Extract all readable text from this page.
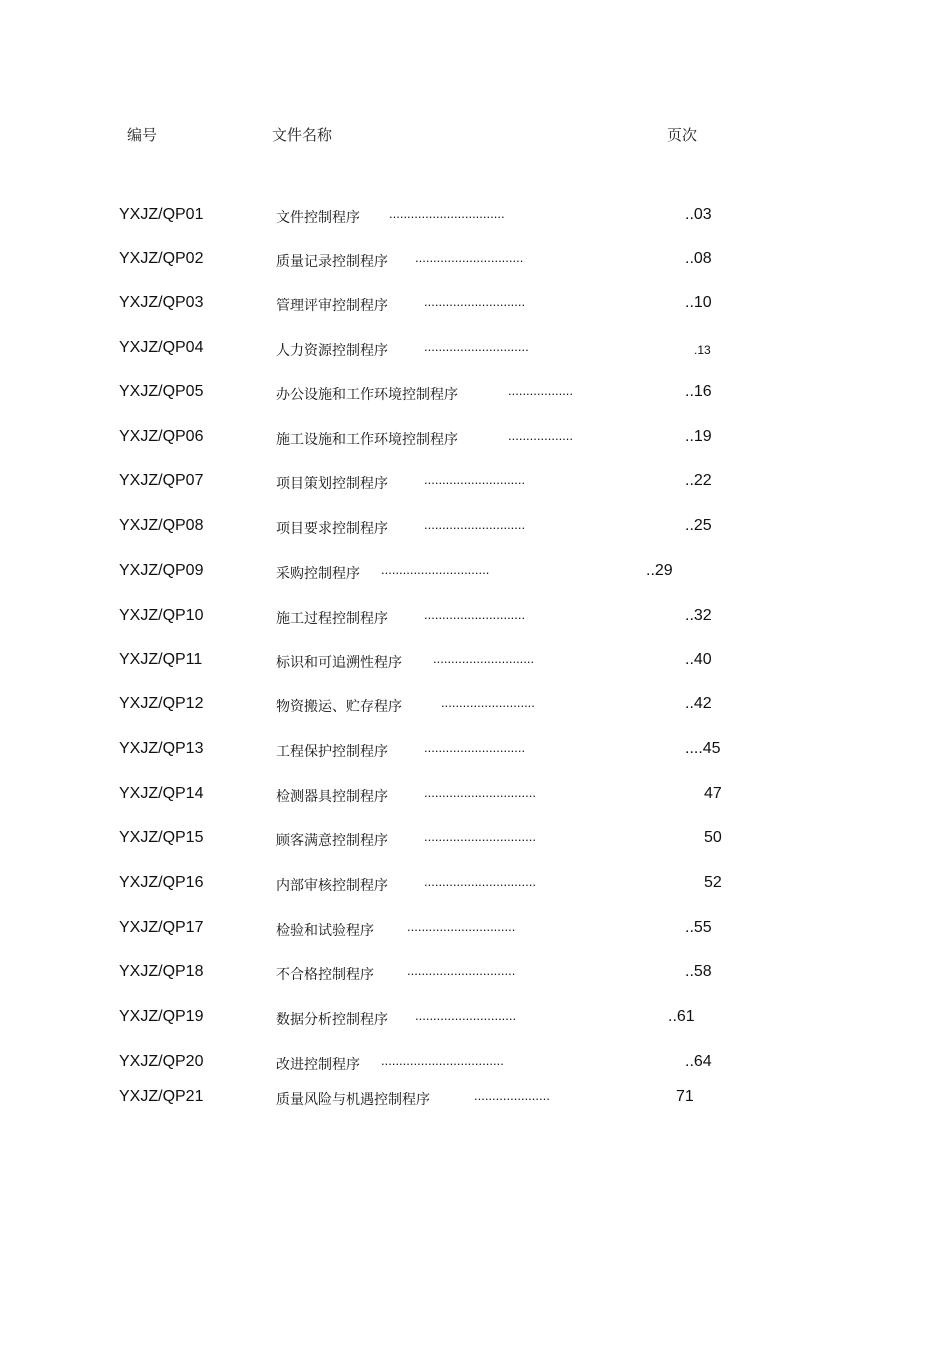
编号	文件名称	页次
YXJZ/QP01	文件控制程序 ................................	..03
YXJZ/QP02	质量记录控制程序 ..............................	..08
YXJZ/QP03	管理评审控制程序	............................	..10
YXJZ/QP04	人力资源控制程序	.............................	.13
YXJZ/QP05	办公设施和工作环境控制程序	..................	..16
YXJZ/QP06	施工设施和工作环境控制程序	..................	..19
YXJZ/QP07	项目策划控制程序	............................	..22
YXJZ/QP08	项目要求控制程序	............................	..25
YXJZ/QP09	采购控制程序 ..............................	..29
YXJZ/QP10	施工过程控制程序	............................	..32
YXJZ/QP11	标识和可追溯性程序 ............................	..40
YXJZ/QP12	物资搬运、贮存程序	..........................	..42
YXJZ/QP13	工程保护控制程序	............................	....45
YXJZ/QP14	检测器具控制程序	...............................	47
YXJZ/QP15	顾客满意控制程序	...............................	50
YXJZ/QP16	内部审核控制程序	...............................	52
YXJZ/QP17	检验和试验程序	..............................	..55
YXJZ/QP18	不合格控制程序	..............................	..58
YXJZ/QP19	数据分析控制程序 ............................	..61
YXJZ/QP20	改进控制程序 ..................................	..64
YXJZ/QP21	质量风险与机遇控制程序	.....................	71
